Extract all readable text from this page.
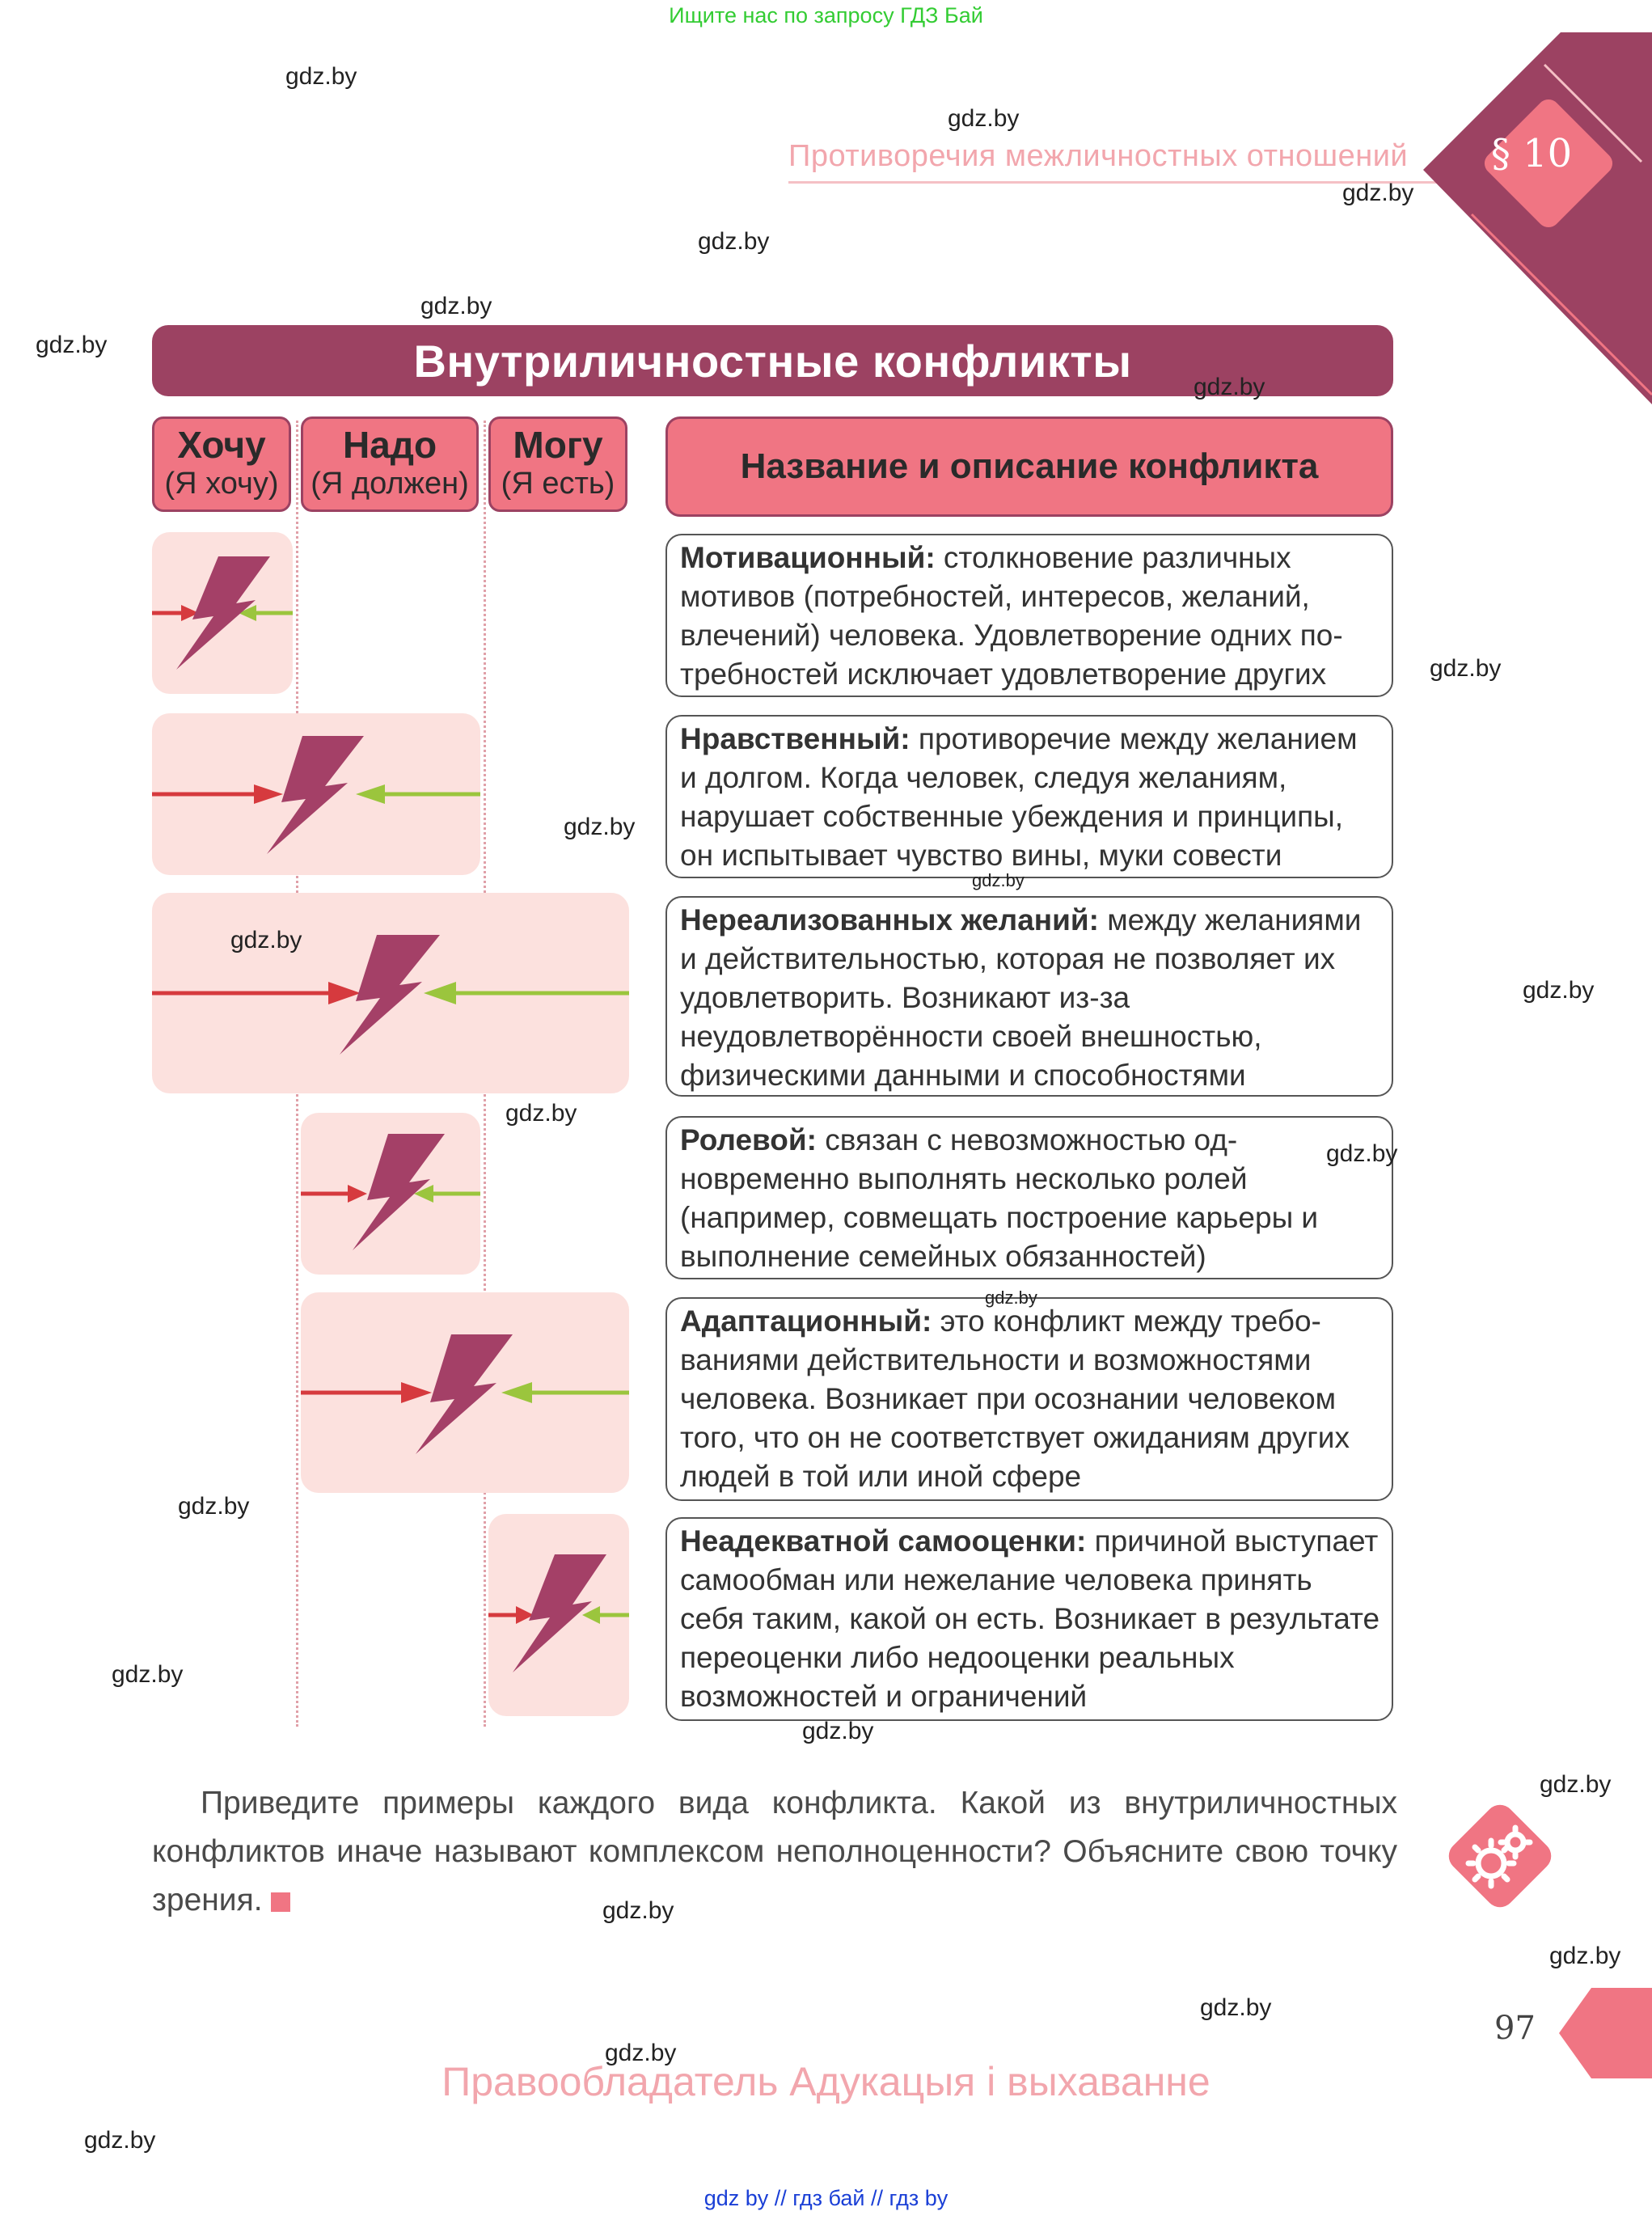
Ищите нас по запросу ГДЗ Бай
Противоречия межличностных отношений § 10
Внутриличностные конфликты
Хочу
(Я хочу)
Надо
(Я должен)
Могу
(Я есть)	Название и описание конфликта
Мотивационный: столкновение различных мотивов (потребностей, интересов, желаний, влечений) человека. Удовлетворение одних потребностей исключает удовлетворение других
Нравственный: противоречие между желанием и долгом. Когда человек, следуя желаниям, нарушает собственные убеждения и принципы, он испытывает чувство вины, муки совести
Нереализованных желаний: между желаниями и действительностью, которая не позволяет их удовлетворить. Возникают из-за неудовлетворённости своей внешностью, физическими данными и способностями
Ролевой: связан с невозможностью одновременно выполнять несколько ролей (например, совмещать построение карьеры и выполнение семейных обязанностей)
Адаптационный: это конфликт между требованиями действительности и возможностями человека. Возникает при осознании человеком того, что он не соответствует ожиданиям других людей в той или иной сфере
Неадекватной самооценки: причиной выступает самообман или нежелание человека принять себя таким, какой он есть. Возникает в результате переоценки либо недооценки реальных возможностей и ограничений
Приведите примеры каждого вида конфликта. Какой из внутриличностных конфликтов иначе называют комплексом неполноценности? Объясните свою точку зрения.
97
Правообладатель Адукацыя і выхаванне
gdz by // гдз бай // гдз by
gdz.by
gdz.by
gdz.by
gdz.by
gdz.by
gdz.by
gdz.by
gdz.by
gdz.by
gdz.by
gdz.by
gdz.by
gdz.by
gdz.by
gdz.by
gdz.by
gdz.by
gdz.by
gdz.by
gdz.by
gdz.by
gdz.by
gdz.by
gdz.by
